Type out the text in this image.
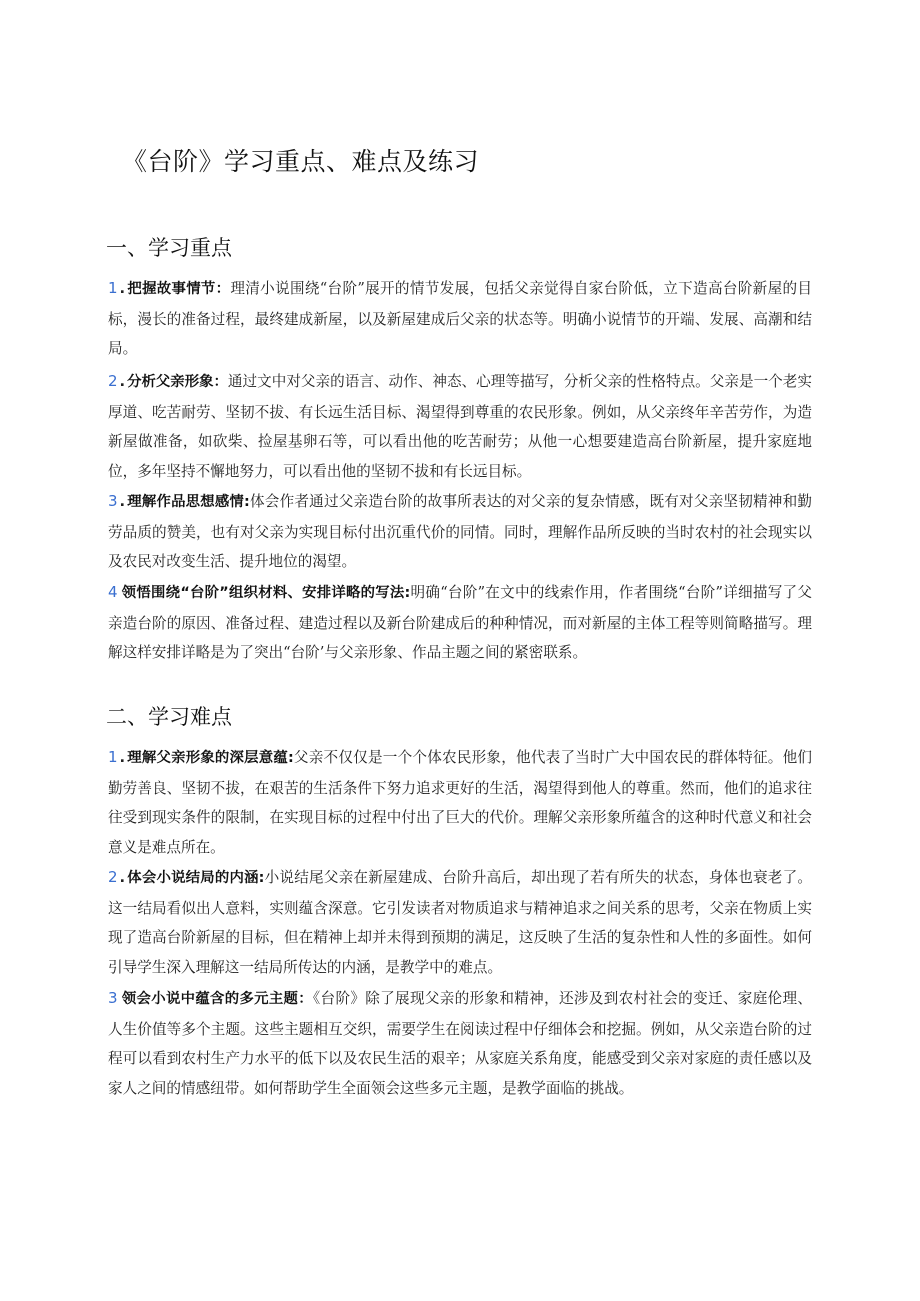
《台阶》学习重点、难点及练习
一、学习重点
1 . 把握故事情节：理清小说围绕“台阶”展开的情节发展，包括父亲觉得自家台阶低，立下造高台阶新屋的目标，漫长的准备过程，最终建成新屋，以及新屋建成后父亲的状态等。明确小说情节的开端、发展、高潮和结局。
2 . 分析父亲形象：通过文中对父亲的语言、动作、神态、心理等描写，分析父亲的性格特点。父亲是一个老实厚道、吃苦耐劳、坚韧不拔、有长远生活目标、渴望得到尊重的农民形象。例如，从父亲终年辛苦劳作，为造新屋做准备，如砍柴、捡屋基卵石等，可以看出他的吃苦耐劳；从他一心想要建造高台阶新屋，提升家庭地位，多年坚持不懈地努力，可以看出他的坚韧不拔和有长远目标。
3 . 理解作品思想感情:体会作者通过父亲造台阶的故事所表达的对父亲的复杂情感，既有对父亲坚韧精神和勤劳品质的赞美，也有对父亲为实现目标付出沉重代价的同情。同时，理解作品所反映的当时农村的社会现实以及农民对改变生活、提升地位的渴望。
4 领悟围绕“台阶”组织材料、安排详略的写法:明确“台阶”在文中的线索作用，作者围绕“台阶”详细描写了父亲造台阶的原因、准备过程、建造过程以及新台阶建成后的种种情况，而对新屋的主体工程等则简略描写。理解这样安排详略是为了突出“台阶’与父亲形象、作品主题之间的紧密联系。
二、学习难点
1 . 理解父亲形象的深层意蕴:父亲不仅仅是一个个体农民形象，他代表了当时广大中国农民的群体特征。他们勤劳善良、坚韧不拔，在艰苦的生活条件下努力追求更好的生活，渴望得到他人的尊重。然而，他们的追求往往受到现实条件的限制，在实现目标的过程中付出了巨大的代价。理解父亲形象所蕴含的这种时代意义和社会意义是难点所在。
2 . 体会小说结局的内涵:小说结尾父亲在新屋建成、台阶升高后，却出现了若有所失的状态，身体也衰老了。这一结局看似出人意料，实则蕴含深意。它引发读者对物质追求与精神追求之间关系的思考，父亲在物质上实现了造高台阶新屋的目标，但在精神上却并未得到预期的满足，这反映了生活的复杂性和人性的多面性。如何引导学生深入理解这一结局所传达的内涵，是教学中的难点。
3 领会小说中蕴含的多元主题：《台阶》除了展现父亲的形象和精神，还涉及到农村社会的变迁、家庭伦理、人生价值等多个主题。这些主题相互交织，需要学生在阅读过程中仔细体会和挖掘。例如，从父亲造台阶的过程可以看到农村生产力水平的低下以及农民生活的艰辛；从家庭关系角度，能感受到父亲对家庭的责任感以及家人之间的情感纽带。如何帮助学生全面领会这些多元主题，是教学面临的挑战。
